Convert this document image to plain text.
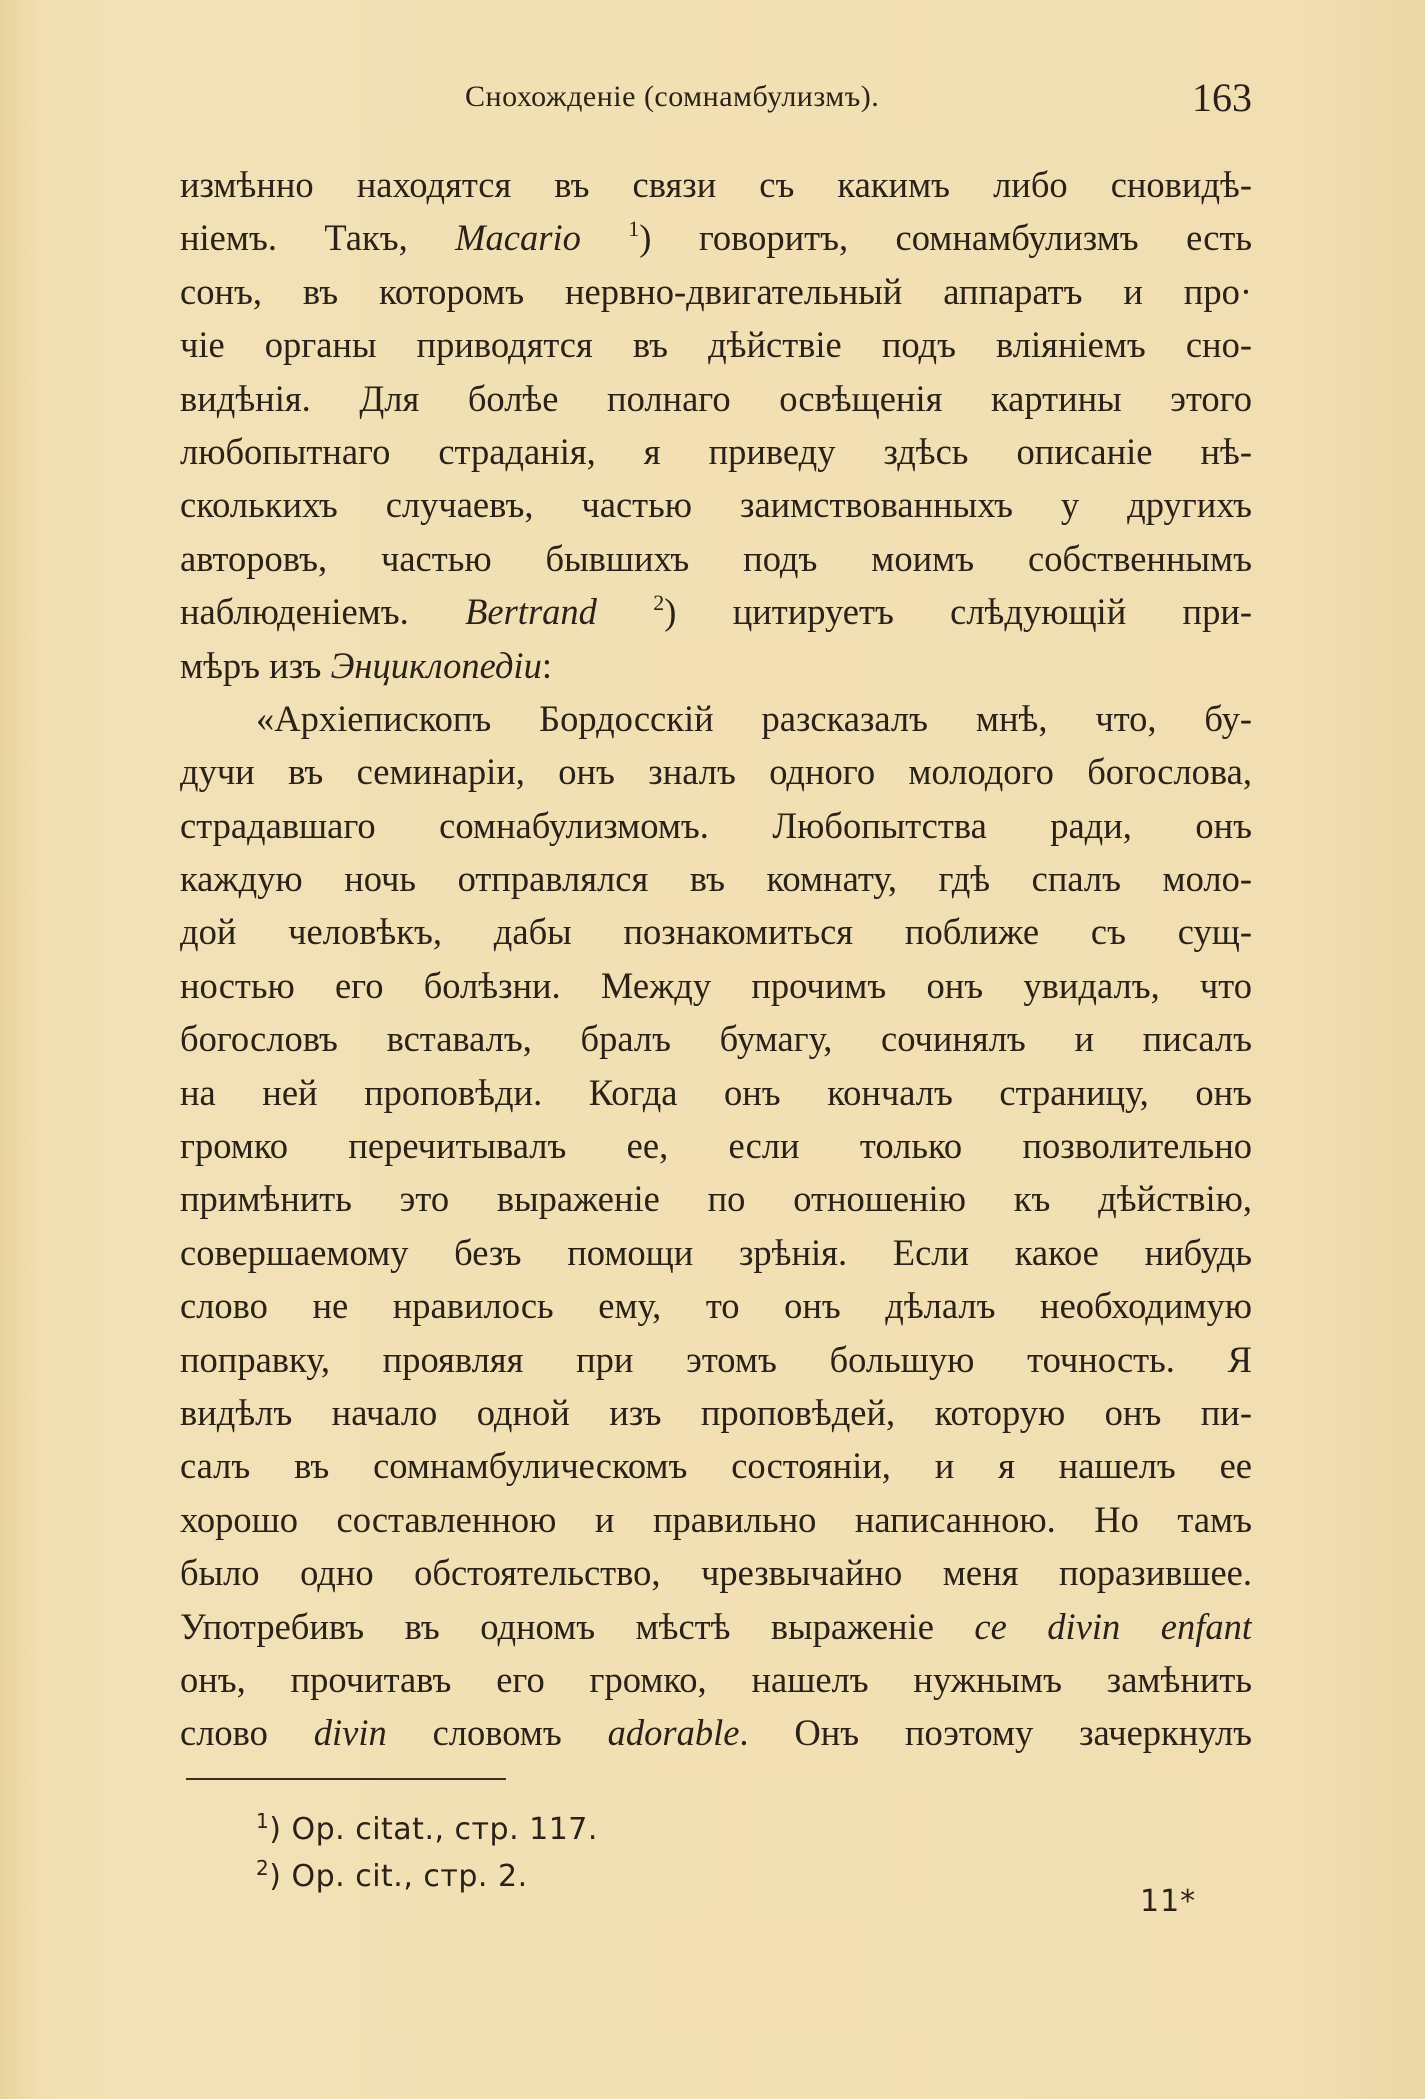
Снохожденіе (сомнамбулизмъ).	163
измѣнно находятся въ связи съ какимъ либо сновидѣ-
ніемъ. Такъ, Macario $^1$) говоритъ, сомнамбулизмъ есть
сонъ, въ которомъ нервно-двигательный аппаратъ и про·
чіе органы приводятся въ дѣйствіе подъ вліяніемъ сно-
видѣнія. Для болѣе полнаго освѣщенія картины этого
любопытнаго страданія, я приведу здѣсь описаніе нѣ-
сколькихъ случаевъ, частью заимствованныхъ у другихъ
авторовъ, частью бывшихъ подъ моимъ собственнымъ
наблюденіемъ. Bertrand	$^2$) цитируетъ слѣдующій при-
мѣръ изъ Энциклопедіи:
«Архіепископъ Бордосскій разсказалъ мнѣ, что, бу-
дучи въ семинаріи, онъ зналъ одного молодого богослова,
страдавшаго сомнабулизмомъ. Любопытства ради, онъ
каждую ночь отправлялся въ комнату, гдѣ спалъ моло-
дой человѣкъ, дабы познакомиться поближе съ сущ-
ностью его болѣзни. Между прочимъ онъ увидалъ, что
богословъ вставалъ, бралъ бумагу, сочинялъ и писалъ
на ней проповѣди. Когда онъ кончалъ страницу, онъ
громко перечитывалъ ее, если только позволительно
примѣнить это выраженіе по отношенію къ дѣйствію,
совершаемому безъ помощи зрѣнія. Если какое нибудь
слово не нравилось ему, то онъ дѣлалъ необходимую
поправку, проявляя при этомъ большую точность. Я
видѣлъ начало одной изъ проповѣдей, которую онъ пи-
салъ въ сомнамбулическомъ состояніи, и я нашелъ ее
хорошо составленною и правильно написанною. Но тамъ
было одно обстоятельство, чрезвычайно меня поразившее.
Употребивъ въ одномъ мѣстѣ выраженіе ce divin enfant
онъ, прочитавъ его громко, нашелъ нужнымъ замѣнить
слово divin словомъ adorable. Онъ поэтому зачеркнулъ
$^1$) Op. citat., стр. 117.
$^2$) Op. cit., стр. 2.
11*
